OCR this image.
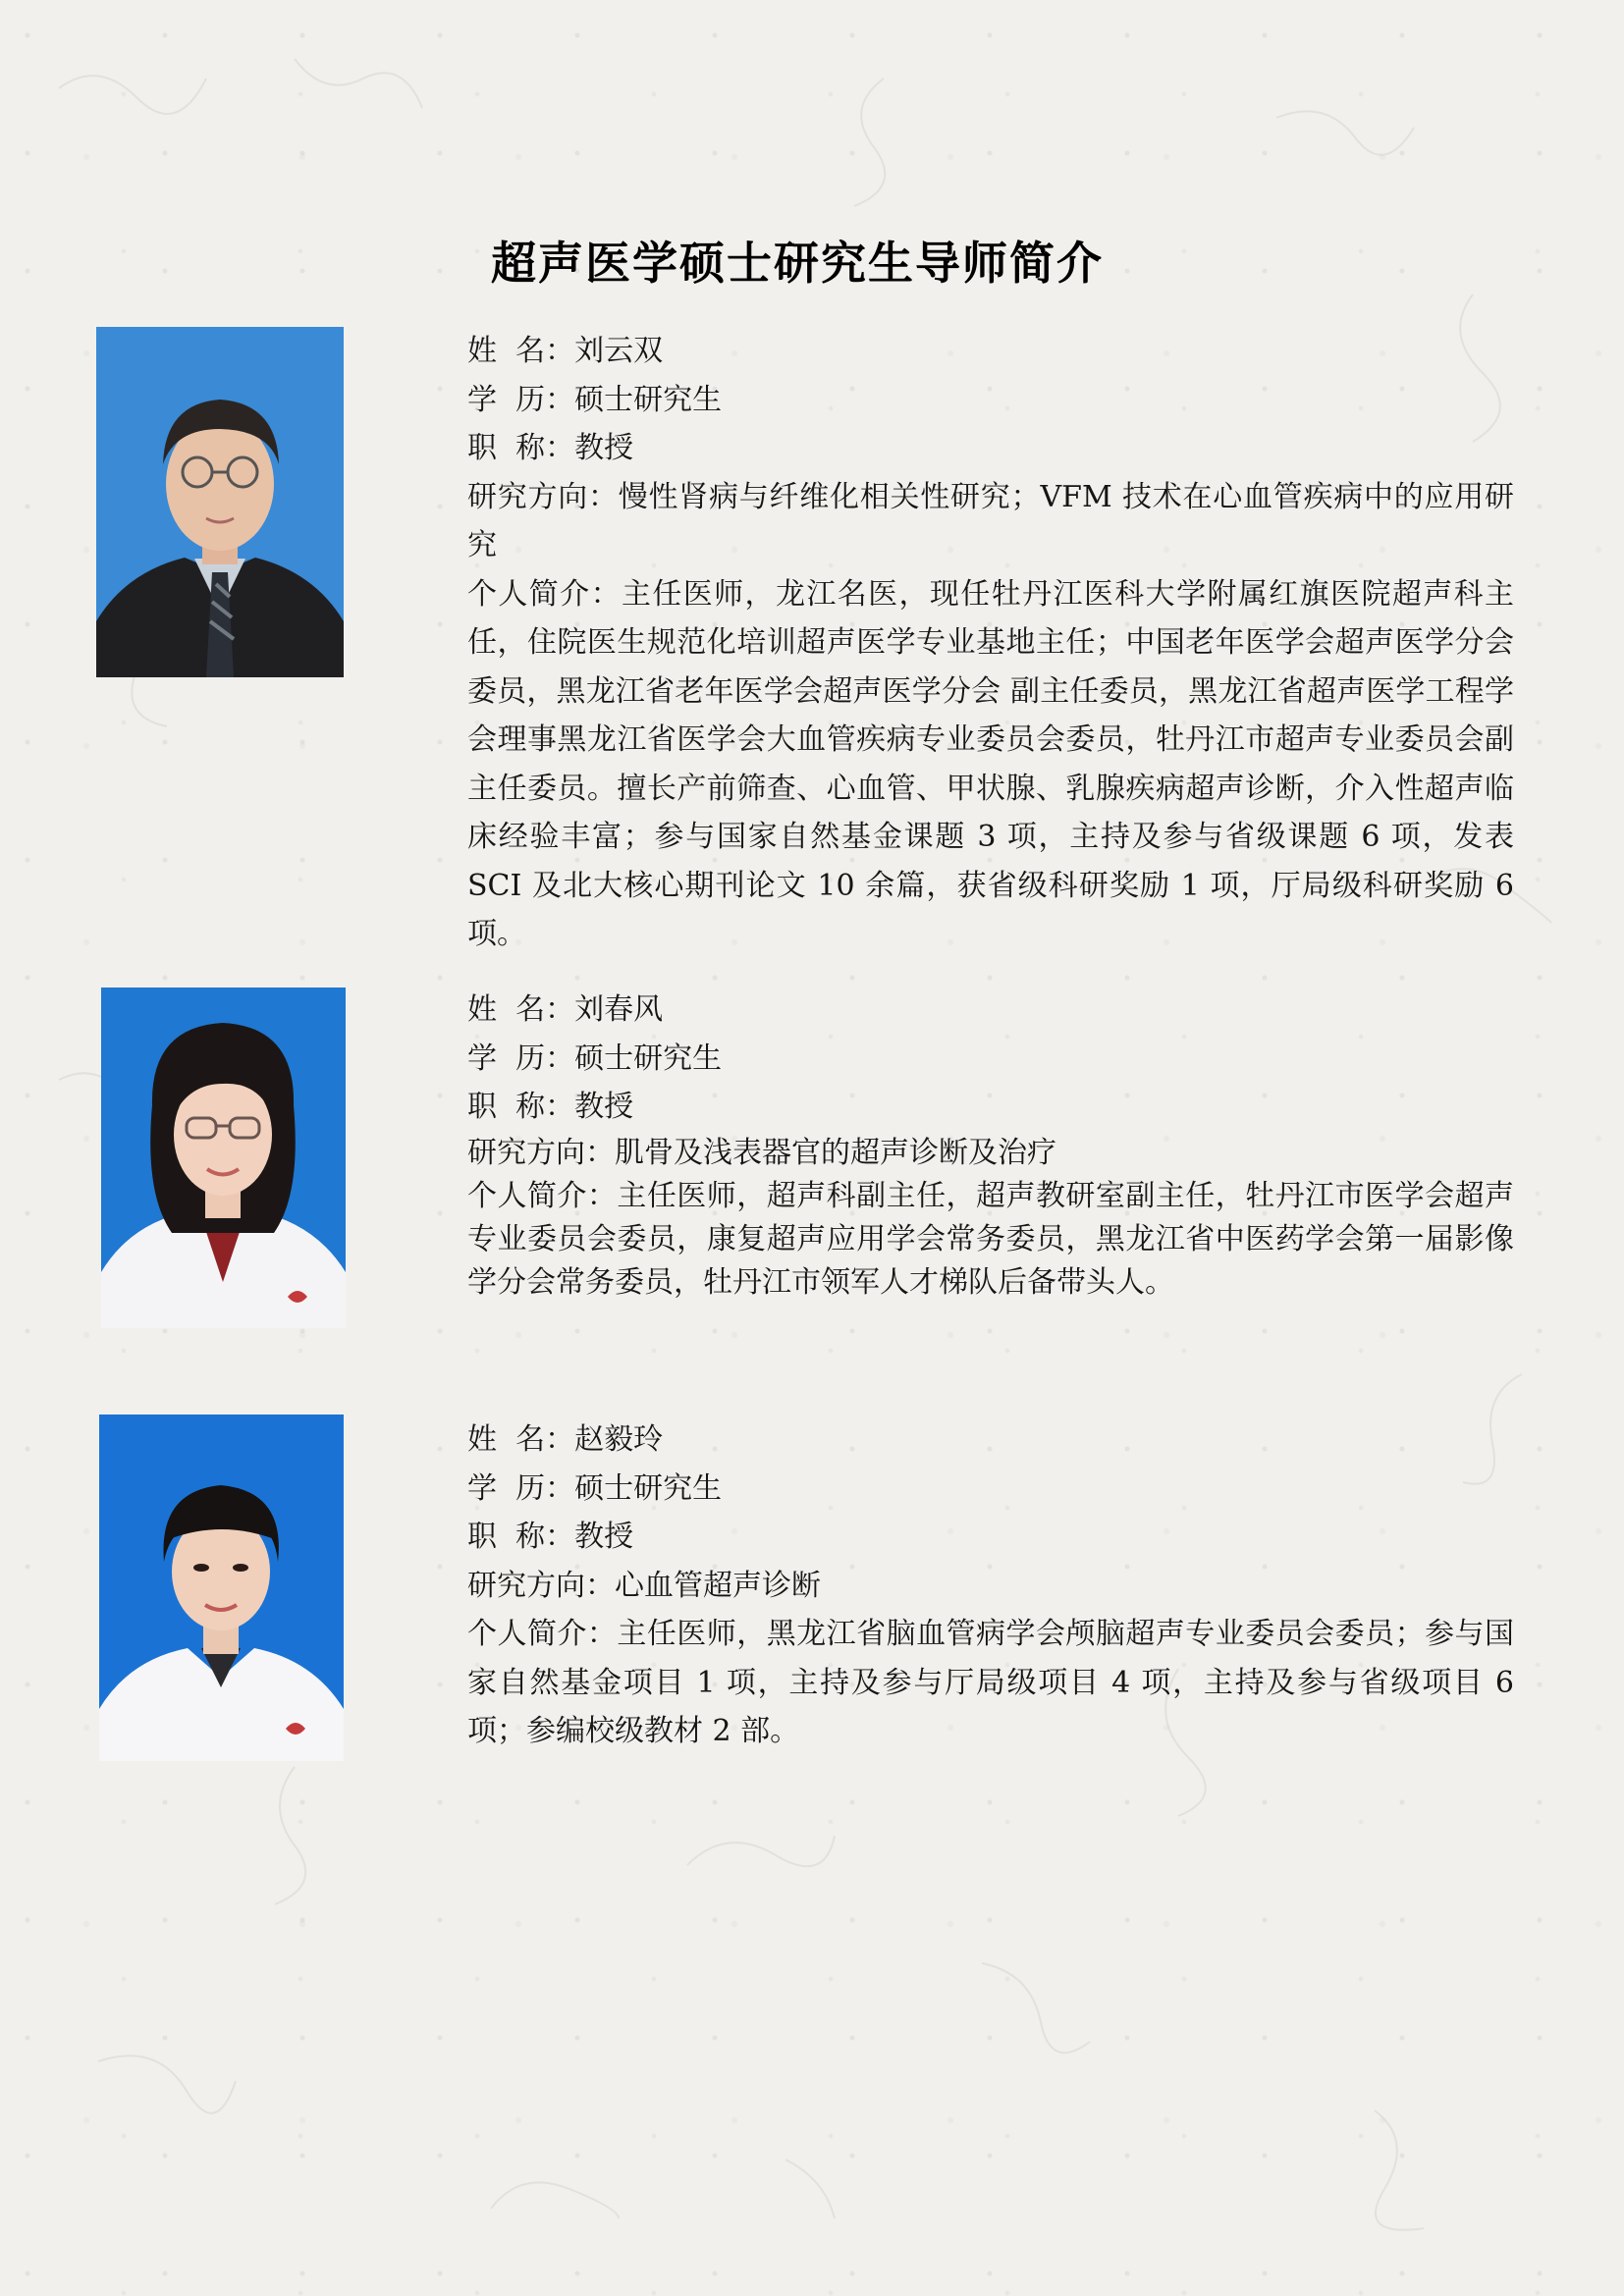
超声医学硕士研究生导师简介

姓  名：刘云双

学  历：硕士研究生

职  称：教授

研究方向：慢性肾病与纤维化相关性研究；VFM 技术在心血管疾病中的应用研究

个人简介：主任医师，龙江名医，现任牡丹江医科大学附属红旗医院超声科主任，住院医生规范化培训超声医学专业基地主任；中国老年医学会超声医学分会委员，黑龙江省老年医学会超声医学分会 副主任委员，黑龙江省超声医学工程学会理事黑龙江省医学会大血管疾病专业委员会委员，牡丹江市超声专业委员会副主任委员。擅长产前筛查、心血管、甲状腺、乳腺疾病超声诊断，介入性超声临床经验丰富；参与国家自然基金课题 3 项，主持及参与省级课题 6 项，发表 SCI 及北大核心期刊论文 10 余篇，获省级科研奖励 1 项，厅局级科研奖励 6 项。

姓  名：刘春风

学  历：硕士研究生

职  称：教授

研究方向：肌骨及浅表器官的超声诊断及治疗

个人简介：主任医师，超声科副主任，超声教研室副主任，牡丹江市医学会超声专业委员会委员，康复超声应用学会常务委员，黑龙江省中医药学会第一届影像学分会常务委员，牡丹江市领军人才梯队后备带头人。

姓  名：赵毅玲

学  历：硕士研究生

职  称：教授

研究方向：心血管超声诊断

个人简介：主任医师，黑龙江省脑血管病学会颅脑超声专业委员会委员；参与国家自然基金项目 1 项，主持及参与厅局级项目 4 项，主持及参与省级项目 6 项；参编校级教材 2 部。
